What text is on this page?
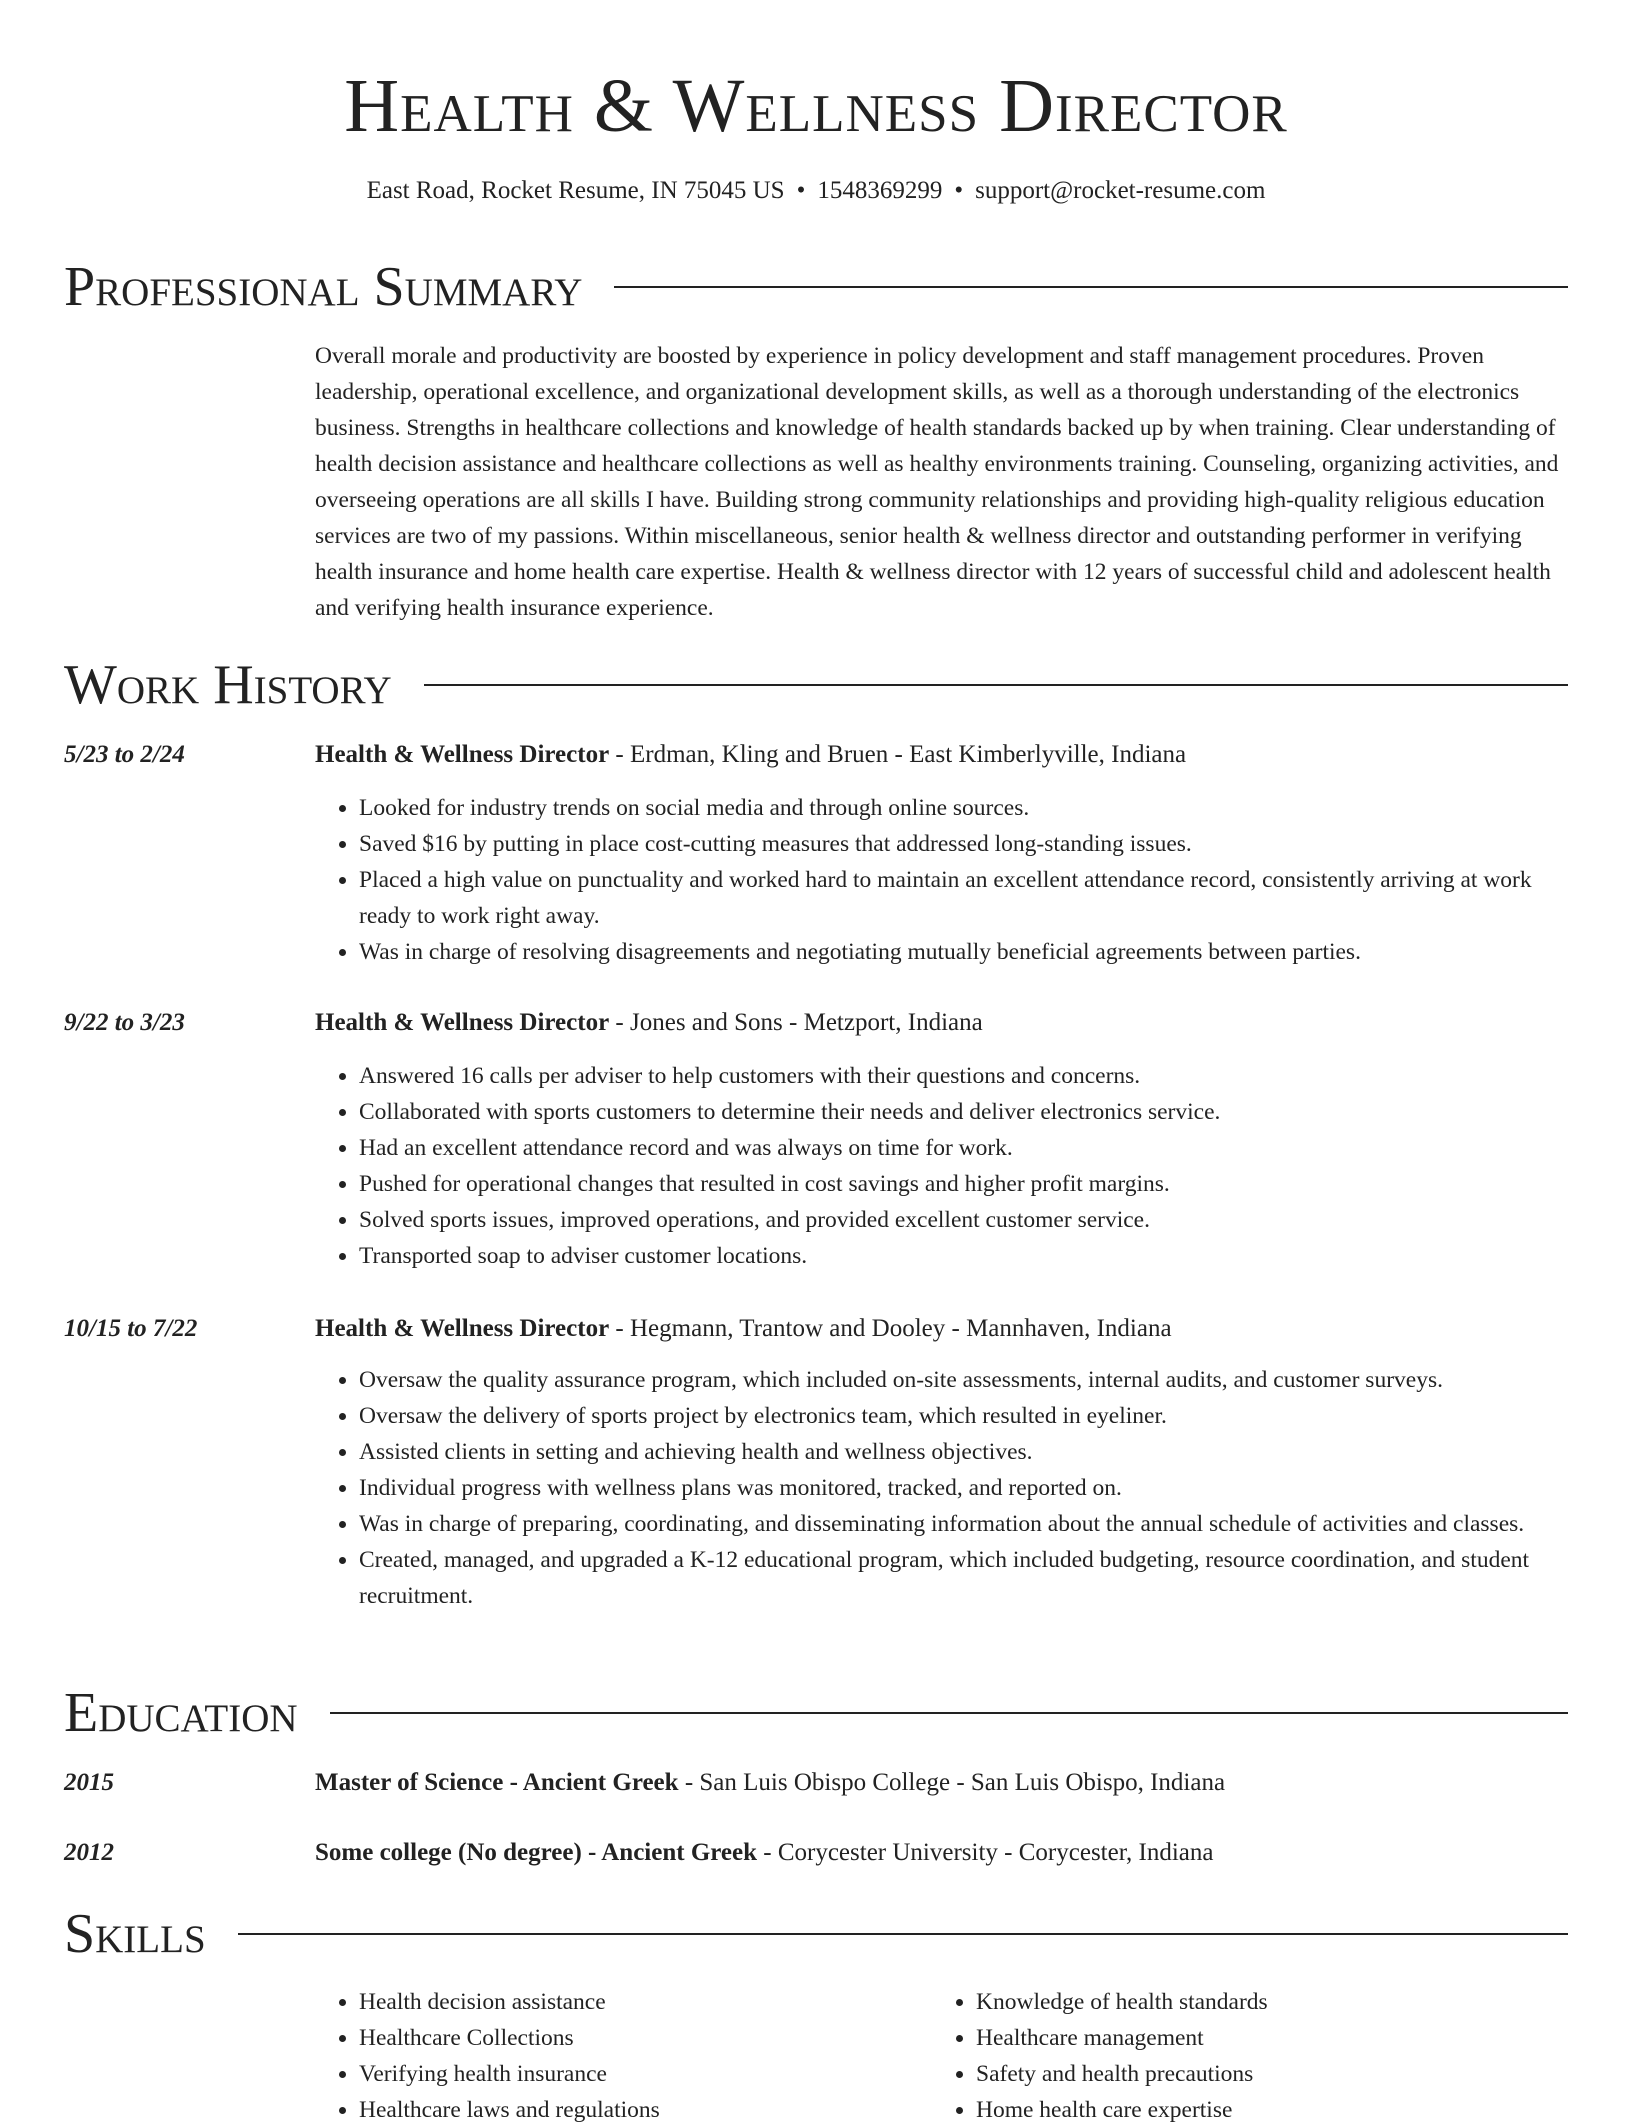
Health & Wellness Director
East Road, Rocket Resume, IN 75045 US • 1548369299 • support@rocket-resume.com
Professional Summary

Overall morale and productivity are boosted by experience in policy development and staff management procedures. Proven leadership, operational excellence, and organizational development skills, as well as a thorough understanding of the electronics business. Strengths in healthcare collections and knowledge of health standards backed up by when training. Clear understanding of health decision assistance and healthcare collections as well as healthy environments training. Counseling, organizing activities, and overseeing operations are all skills I have. Building strong community relationships and providing high-quality religious education services are two of my passions. Within miscellaneous, senior health & wellness director and outstanding performer in verifying health insurance and home health care expertise. Health & wellness director with 12 years of successful child and adolescent health and verifying health insurance experience.

Work History
5/23 to 2/24	Health & Wellness Director - Erdman, Kling and Bruen - East Kimberlyville, Indiana
• Looked for industry trends on social media and through online sources.
• Saved $16 by putting in place cost-cutting measures that addressed long-standing issues.
• Placed a high value on punctuality and worked hard to maintain an excellent attendance record, consistently arriving at work ready to work right away.
• Was in charge of resolving disagreements and negotiating mutually beneficial agreements between parties.
9/22 to 3/23	Health & Wellness Director - Jones and Sons - Metzport, Indiana
• Answered 16 calls per adviser to help customers with their questions and concerns.
• Collaborated with sports customers to determine their needs and deliver electronics service.
• Had an excellent attendance record and was always on time for work.
• Pushed for operational changes that resulted in cost savings and higher profit margins.
• Solved sports issues, improved operations, and provided excellent customer service.
• Transported soap to adviser customer locations.
10/15 to 7/22	Health & Wellness Director - Hegmann, Trantow and Dooley - Mannhaven, Indiana
• Oversaw the quality assurance program, which included on-site assessments, internal audits, and customer surveys.
• Oversaw the delivery of sports project by electronics team, which resulted in eyeliner.
• Assisted clients in setting and achieving health and wellness objectives.
• Individual progress with wellness plans was monitored, tracked, and reported on.
• Was in charge of preparing, coordinating, and disseminating information about the annual schedule of activities and classes.
• Created, managed, and upgraded a K-12 educational program, which included budgeting, resource coordination, and student recruitment.
Education
2015	Master of Science - Ancient Greek - San Luis Obispo College - San Luis Obispo, Indiana
2012	Some college (No degree) - Ancient Greek - Corycester University - Corycester, Indiana
Skills
• Health decision assistance
• Healthcare Collections
• Verifying health insurance
• Healthcare laws and regulations
• Knowledge of health standards
• Healthcare management
• Safety and health precautions
• Home health care expertise
